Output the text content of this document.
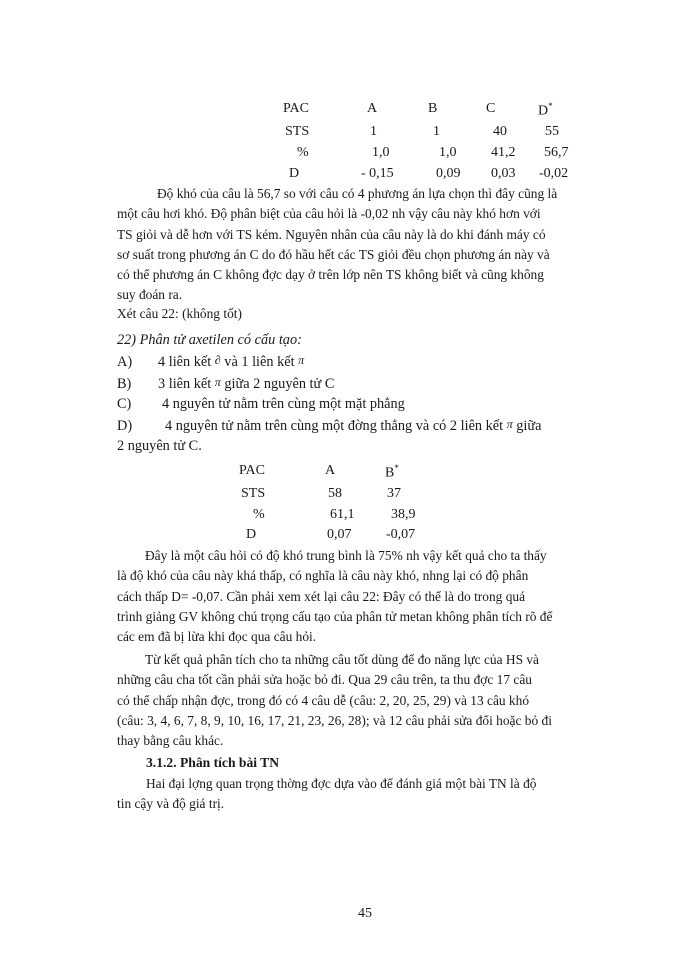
PAC	A	B	C	D*
STS	1	1	40	55
%	1,0	1,0 41,2 56,7
D	- 0,15	0,09 0,03 -0,02
Độ khó của câu là 56,7 so với câu có 4 phương án lựa chọn thì đây cũng là
một câu hơi khó. Độ phân biệt của câu hỏi là -0,02 nh vậy câu này khó hơn với
TS giỏi và dễ hơn với TS kém. Nguyên nhân của câu này là do khi đánh máy có
sơ suất trong phương án C do đó hầu hết các TS giỏi đều chọn phương án này và
có thể phương án C không đợc dạy ở trên lớp nên TS không biết và cũng không
suy đoán ra.
Xét câu 22: (không tốt)
22) Phân tử axetilen có cấu tạo:
A) 4 liên kết ∂ và 1 liên kết π
B) 3 liên kết π giữa 2 nguyên tử C
C) 4 nguyên tử nằm trên cùng một mặt phẳng
D) 4 nguyên tử nằm trên cùng một đờng thẳng và có 2 liên kết π giữa
2 nguyên tử C.
PAC	A	B*
STS	58	37
%	61,1	38,9
D	0,07 -0,07
Đây là một câu hỏi có độ khó trung bình là 75% nh vậy kết quả cho ta thấy
là độ khó của câu này khá thấp, có nghĩa là câu này khó, nhng lại có độ phân
cách thấp D= -0,07. Cần phải xem xét lại câu 22: Đây có thể là do trong quá
trình giảng GV không chú trọng cấu tạo của phân tử metan không phân tích rõ để
các em đã bị lừa khi đọc qua câu hỏi.
Từ kết quả phân tích cho ta những câu tốt dùng để đo năng lực của HS và
những câu cha tốt cần phải sửa hoặc bỏ đi. Qua 29 câu trên, ta thu đợc 17 câu
có thể chấp nhận đợc, trong đó có 4 câu dễ (câu: 2, 20, 25, 29) và 13 câu khó
(câu: 3, 4, 6, 7, 8, 9, 10, 16, 17, 21, 23, 26, 28); và 12 câu phải sửa đổi hoặc bỏ đi
thay bằng câu khác.
3.1.2. Phân tích bài TN
Hai đại lợng quan trọng thờng đợc dựa vào để đánh giá một bài TN là độ
tin cậy và độ giá trị.
45
